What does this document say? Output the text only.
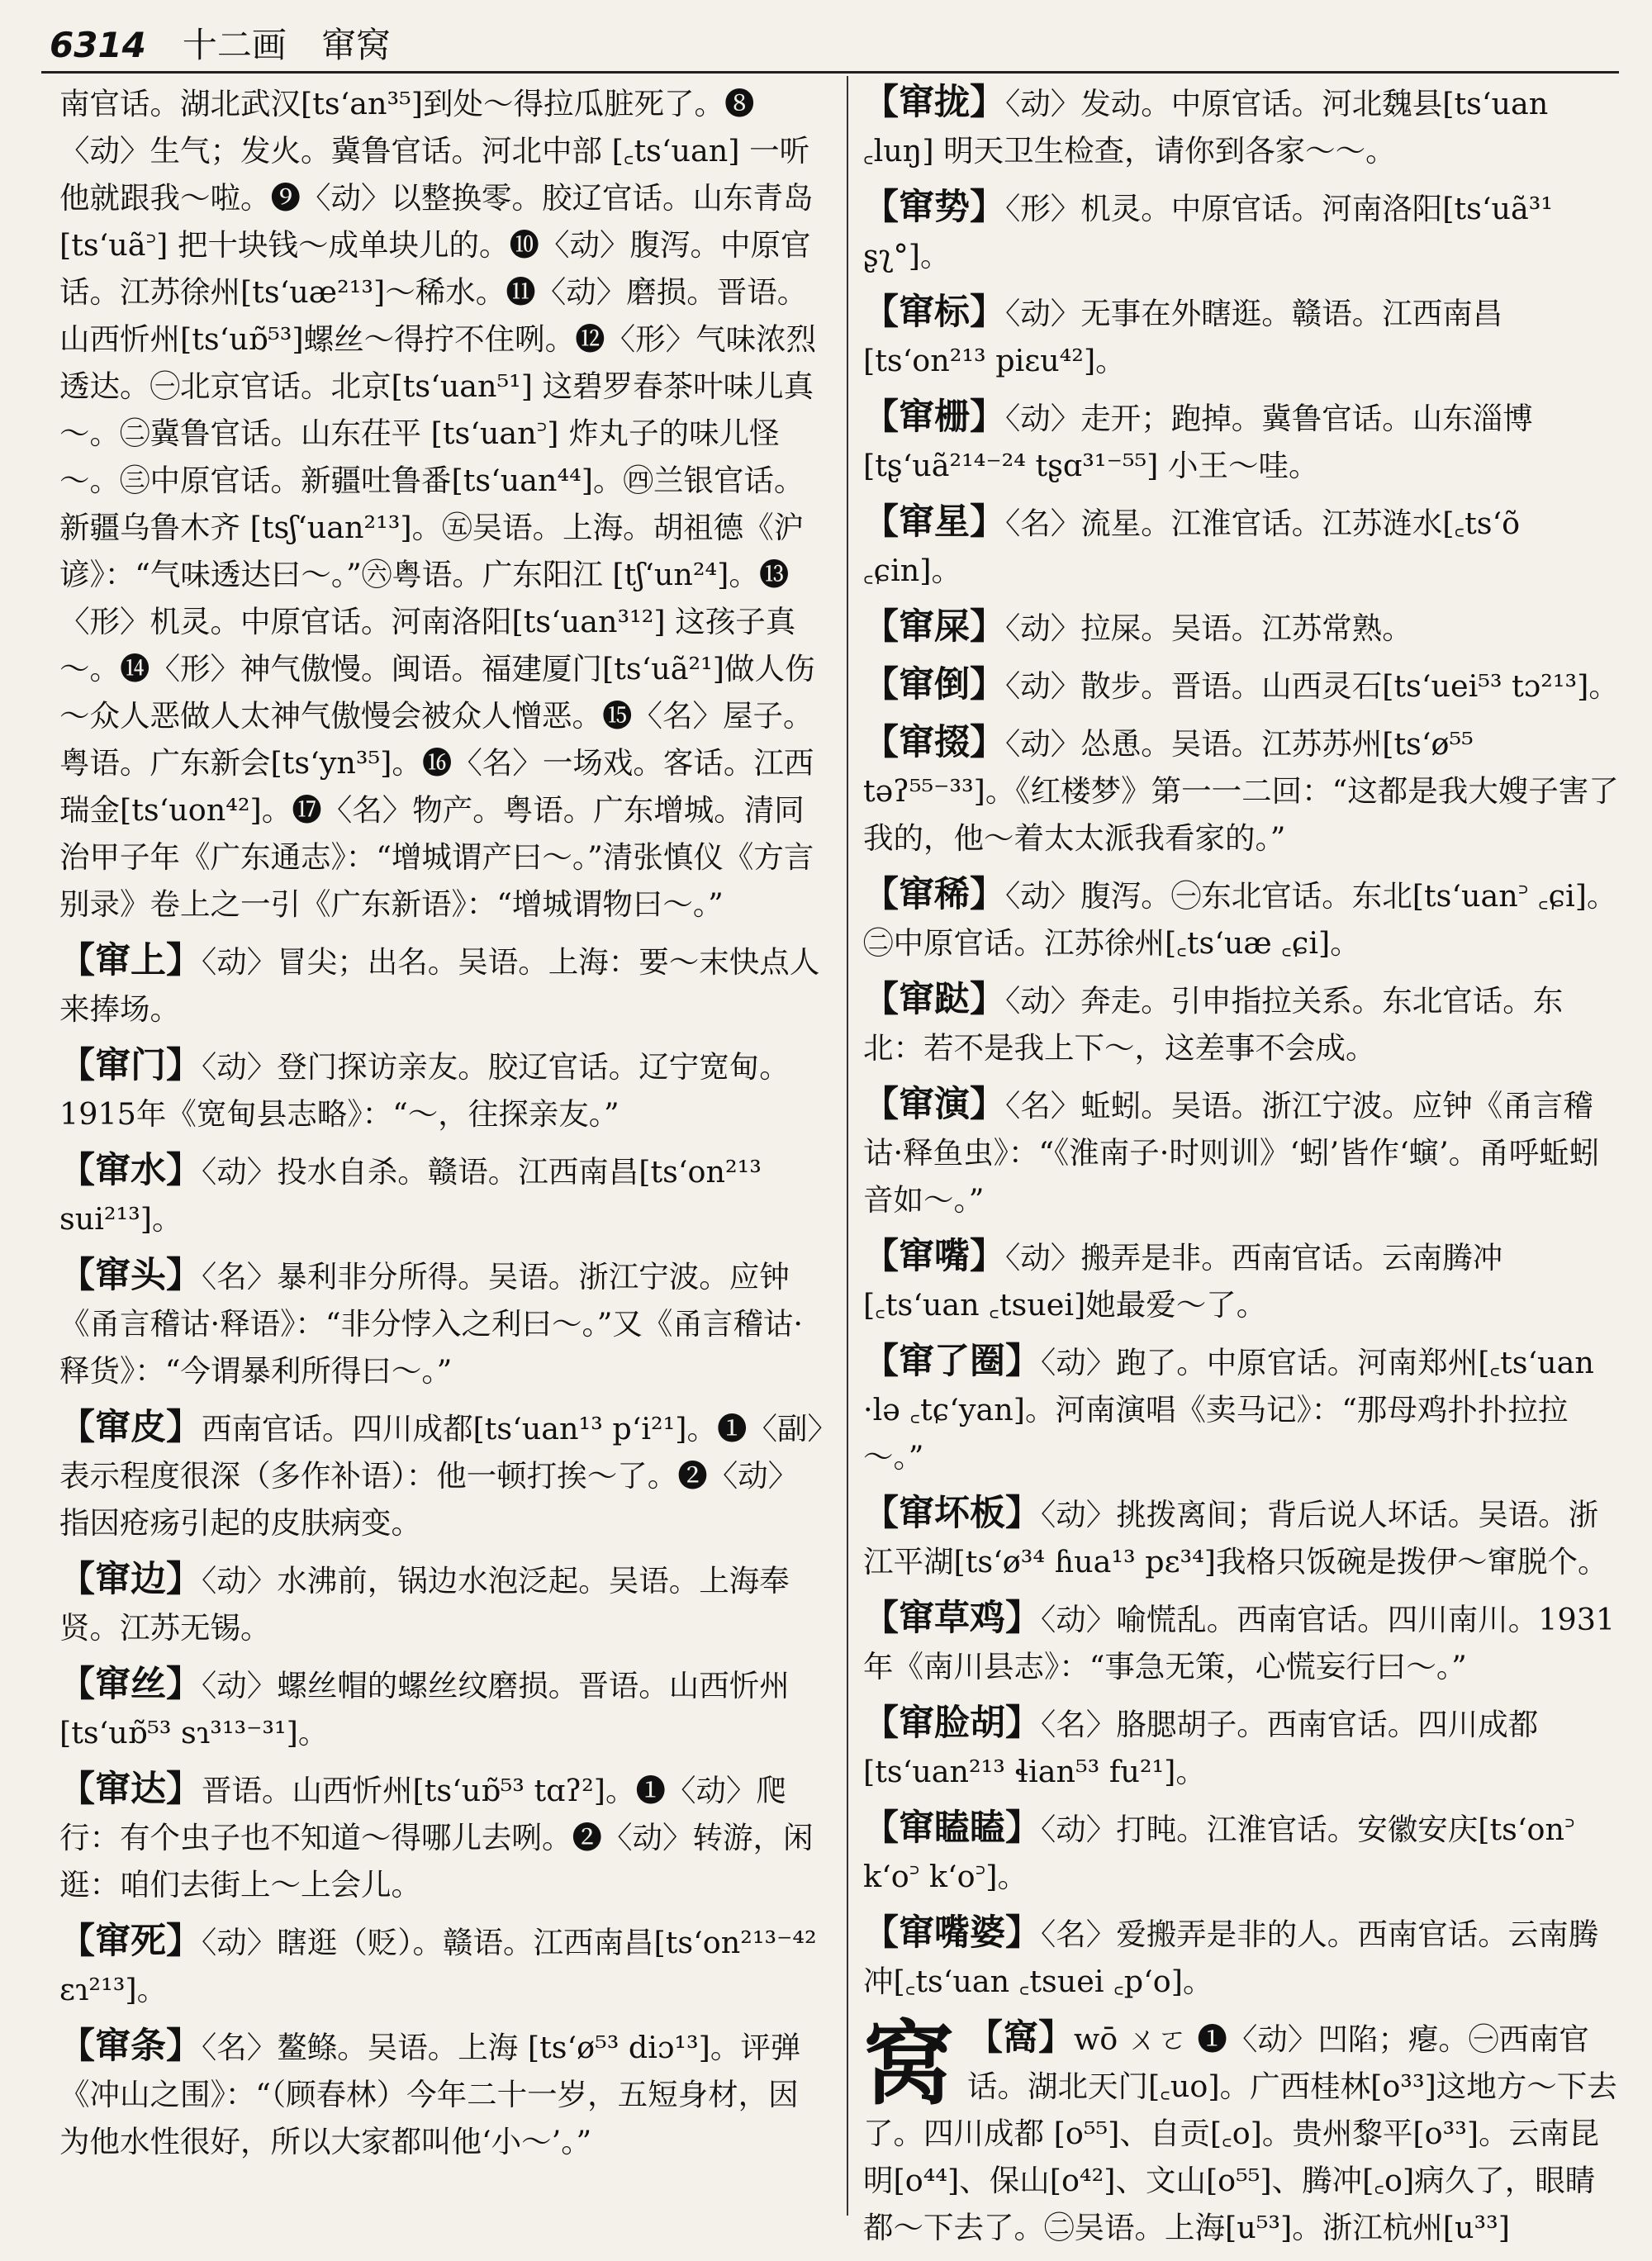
6314 十二画　窜窝

南官话。湖北武汉[ts‘an³⁵]到处～得拉瓜脏死了。❽〈动〉生气；发火。冀鲁官话。河北中部 [꜀ts‘uan] 一听他就跟我～啦。❾〈动〉以整换零。胶辽官话。山东青岛[ts‘uã꜄] 把十块钱～成单块儿的。❿〈动〉腹泻。中原官话。江苏徐州[ts‘uæ²¹³]～稀水。⓫〈动〉磨损。晋语。山西忻州[ts‘uɒ̃⁵³]螺丝～得拧不住咧。⓬〈形〉气味浓烈透达。㊀北京官话。北京[ts‘uan⁵¹] 这碧罗春茶叶味儿真～。㊁冀鲁官话。山东茌平 [ts‘uan꜄] 炸丸子的味儿怪～。㊂中原官话。新疆吐鲁番[ts‘uan⁴⁴]。㊃兰银官话。新疆乌鲁木齐 [tsʃ‘uan²¹³]。㊄吴语。上海。胡祖德《沪谚》：“气味透达曰～。”㊅粤语。广东阳江 [tʃ‘un²⁴]。⓭〈形〉机灵。中原官话。河南洛阳[ts‘uan³¹²] 这孩子真～。⓮〈形〉神气傲慢。闽语。福建厦门[ts‘uã²¹]做人伤～众人恶做人太神气傲慢会被众人憎恶。⓯〈名〉屋子。粤语。广东新会[ts‘yn³⁵]。⓰〈名〉一场戏。客话。江西瑞金[ts‘uon⁴²]。⓱〈名〉物产。粤语。广东增城。清同治甲子年《广东通志》：“增城谓产曰～。”清张慎仪《方言别录》卷上之一引《广东新语》：“增城谓物曰～。”

【窜上】〈动〉冒尖；出名。吴语。上海：要～末快点人来捧场。

【窜门】〈动〉登门探访亲友。胶辽官话。辽宁宽甸。1915年《宽甸县志略》：“～，往探亲友。”

【窜水】〈动〉投水自杀。赣语。江西南昌[ts‘on²¹³ sui²¹³]。

【窜头】〈名〉暴利非分所得。吴语。浙江宁波。应钟《甬言稽诂·释语》：“非分悖入之利曰～。”又《甬言稽诂·释货》：“今谓暴利所得曰～。”

【窜皮】西南官话。四川成都[ts‘uan¹³ p‘i²¹]。❶〈副〉表示程度很深（多作补语）：他一顿打挨～了。❷〈动〉指因疮疡引起的皮肤病变。

【窜边】〈动〉水沸前，锅边水泡泛起。吴语。上海奉贤。江苏无锡。

【窜丝】〈动〉螺丝帽的螺丝纹磨损。晋语。山西忻州[ts‘uɒ̃⁵³ sɿ³¹³⁻³¹]。

【窜达】晋语。山西忻州[ts‘uɒ̃⁵³ tɑʔ²]。❶〈动〉爬行：有个虫子也不知道～得哪儿去咧。❷〈动〉转游，闲逛：咱们去街上～上会儿。

【窜死】〈动〉瞎逛（贬）。赣语。江西南昌[ts‘on²¹³⁻⁴² ɛɿ²¹³]。

【窜条】〈名〉鳌鲦。吴语。上海 [ts‘ø⁵³ diɔ¹³]。评弹《冲山之围》：“（顾春林）今年二十一岁，五短身材，因为他水性很好，所以大家都叫他‘小～’。”

【窜拢】〈动〉发动。中原官话。河北魏县[ts‘uan ꜀luŋ] 明天卫生检查，请你到各家～～。

【窜势】〈形〉机灵。中原官话。河南洛阳[ts‘uã³¹ ʂʅ°]。

【窜标】〈动〉无事在外瞎逛。赣语。江西南昌[ts‘on²¹³ piɛu⁴²]。

【窜栅】〈动〉走开；跑掉。冀鲁官话。山东淄博[tʂ‘uã²¹⁴⁻²⁴ tʂɑ³¹⁻⁵⁵] 小王～哇。

【窜星】〈名〉流星。江淮官话。江苏涟水[꜀ts‘õ ꜀ɕin]。

【窜屎】〈动〉拉屎。吴语。江苏常熟。

【窜倒】〈动〉散步。晋语。山西灵石[ts‘uei⁵³ tɔ²¹³]。

【窜掇】〈动〉怂恿。吴语。江苏苏州[ts‘ø⁵⁵ təʔ⁵⁵⁻³³]。《红楼梦》第一一二回：“这都是我大嫂子害了我的，他～着太太派我看家的。”

【窜稀】〈动〉腹泻。㊀东北官话。东北[ts‘uan꜄ ꜀ɕi]。㊁中原官话。江苏徐州[꜀ts‘uæ ꜀ɕi]。

【窜跶】〈动〉奔走。引申指拉关系。东北官话。东北：若不是我上下～，这差事不会成。

【窜演】〈名〉蚯蚓。吴语。浙江宁波。应钟《甬言稽诂·释鱼虫》：“《淮南子·时则训》‘蚓’皆作‘螾’。甬呼蚯蚓音如～。”

【窜嘴】〈动〉搬弄是非。西南官话。云南腾冲 [꜀ts‘uan ꜀tsuei]她最爱～了。

【窜了圈】〈动〉跑了。中原官话。河南郑州[꜀ts‘uan ·lə ꜀tɕ‘yan]。河南演唱《卖马记》：“那母鸡扑扑拉拉～。”

【窜坏板】〈动〉挑拨离间；背后说人坏话。吴语。浙江平湖[ts‘ø³⁴ ɦua¹³ pɛ³⁴]我格只饭碗是拨伊～窜脱个。

【窜草鸡】〈动〉喻慌乱。西南官话。四川南川。1931年《南川县志》：“事急无策，心慌妄行曰～。”

【窜脸胡】〈名〉胳腮胡子。西南官话。四川成都[ts‘uan²¹³ ɬian⁵³ fu²¹]。

【窜瞌瞌】〈动〉打盹。江淮官话。安徽安庆[ts‘on꜄ k‘o꜄ k‘o꜄]。

【窜嘴婆】〈名〉爱搬弄是非的人。西南官话。云南腾冲[꜀ts‘uan ꜀tsuei ꜀p‘o]。

窝 【窩】wō ㄨㄛ ❶〈动〉凹陷；瘪。㊀西南官话。湖北天门[꜀uo]。广西桂林[o³³]这地方～下去了。四川成都 [o⁵⁵]、自贡[꜀o]。贵州黎平[o³³]。云南昆明[o⁴⁴]、保山[o⁴²]、文山[o⁵⁵]、腾冲[꜀o]病久了，眼睛都～下去了。㊁吴语。上海[u⁵³]。浙江杭州[u³³]
